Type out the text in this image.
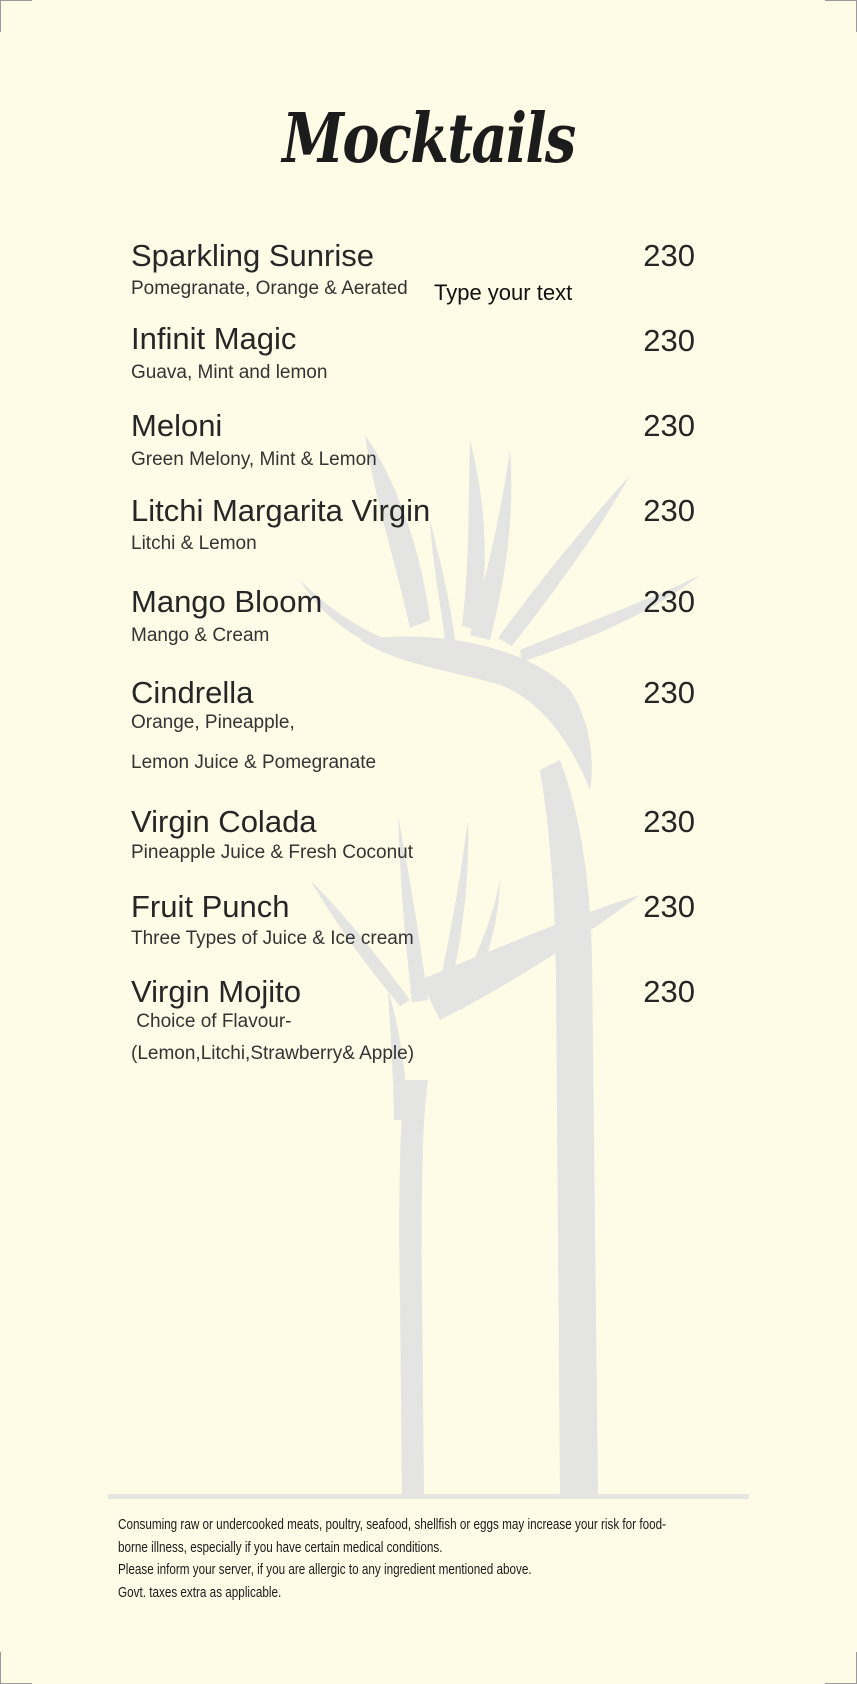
Mocktails
Type your text
Sparkling Sunrise	230
Pomegranate, Orange & Aerated
Infinit Magic	230
Guava, Mint and lemon
Meloni	230
Green Melony, Mint & Lemon
Litchi Margarita Virgin	230
Litchi & Lemon
Mango Bloom	230
Mango & Cream
Cindrella	230
Orange, Pineapple,
Lemon Juice & Pomegranate
Virgin Colada	230
Pineapple Juice & Fresh Coconut
Fruit Punch	230
Three Types of Juice & Ice cream
Virgin Mojito	230
Choice of Flavour-
(Lemon,Litchi,Strawberry& Apple)

Consuming raw or undercooked meats, poultry, seafood, shellfish or eggs may increase your risk for food-

borne illness, especially if you have certain medical conditions.

Please inform your server, if you are allergic to any ingredient mentioned above.

Govt. taxes extra as applicable.
